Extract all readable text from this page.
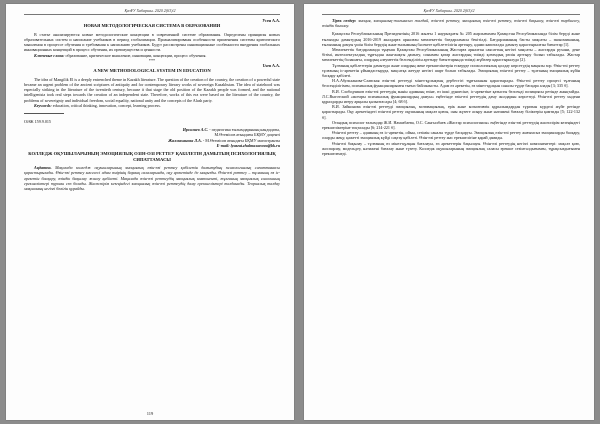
ҚазҰУ Хабаршы. 2020 2(63)/2

Усен А.А.

НОВАЯ МЕТОДОЛОГИЧЕСКАЯ СИСТЕМА В ОБРАЗОВАНИИ

В статье анализируются новые методологические концепции в современной системе образования. Определены принципы новых образовательных систем и написание учебников в период глобализации. Проанализированы особенности применения системы критического мышления в процессе обучения и требования к написанию учебников. Будут рассмотрены инновационные особенности внедрения глобальных инновационных концепций в процесс обучения, их преимущества и ценности.

Ключевые слова: образование, критическое мышление, инновации, концепции, процесс обучения.

***

Usen A.A.

A NEW METHODOLOGICAL SYSTEM IN EDUCATION

The idea of Mangilik El is a deeply entrenched theme in Kazakh literature. The question of the creation of the country, the creation of a powerful state became an urgent problem of the ancient scriptures of antiquity and for contemporary literary works of sovereign Kazakhstan. The idea of statehood was especially striking in the literature of the twentieth century, because it that stage the old position of the Kazakh people was formed, and the national intelligentsia took real steps towards the creation of an independent state. Therefore, works of this era were based on the literature of the country, the problems of sovereignty and individual freedom, social equality, national unity and the concepts of the Alash party.

Keywords: education, critical thinking, innovation, concept, learning process.

ОӘЖ 159.9.015

Ирсалиев А.С. - педагогика ғылымдарының кандидаты,

М.Өтемісов атындағы БҚМУ доценті

Жалмаханова Л.А. - М.Өтемісов атындағы БҚМУ магистранты

E-mail: lyazzat.zhalmaxanova@bk.ru

КОЛЛЕДЖ ОҚУШЫЛАРЫНЫҢ ЭМОЦИЯЛЫҚ ОЗІН-ОЗІ РЕТТЕУ ҚАБІЛЕТІН ДАМЫТЫҢ ПСИХОЛОГИЯЛЫҚ СИПАТТАМАСЫ

Аңдатпа. Мақалада колледж оқушыларының эмоциялық өзін-өзі реттеу қабілетін дамытудың психологиялық сипаттамасы қарастырылады. Өзін-өзі реттеу мәселесі адам өмірінің барлық салаларында, оқу әрекетінде де маңызды. Өзін-өзі реттеу – тұлғаның өз іс-әрекетін басқару, өзіндік бақылау жасау қабілеті. Мақалада өзін-өзі реттеудің эмоциялық компоненті, тұлғаның эмоциялық саласының ерекшеліктері туралы сөз болады. Жасөспірім кезеңіндегі эмоциялық өзін-өзі реттеудің даму ерекшеліктері талданады. Теориялық талдау мақаланың негізгі бөлігін құрайды.

119
ҚазҰУ Хабаршы. 2020 2(63)/2

Тірек сөздер: эмоция, эмоциялық-жағымсыз жағдай, өзін-өзі реттеу, эмоциялық өзін-өзі реттеу, өзін-өзі бақылау, өзін-өзі тәрбиелеу, өзіндік бағалау.

Қазақстан Республикасының Президентінің 2016 жылғы 1 наурыздағы № 205 жарлығымен Қазақстан Республикасында білім беруді және ғылымды дамытудың 2016-2019 жылдарға арналған мемлекеттік бағдарламасы бекітілді. Бағдарламаның басты мақсаты – экономиканың, ғылымның дамуы үшін білім берудің және ғылымның бәсекеге қабілеттілігін арттыру, адами капиталды дамыту қарастырылған бағыттар [1].

Мемлекеттік бағдарламада тұңғыш Қазақстан Республикасының Жастарға арналған саясаттың негізгі мақсаты – жастарды рухани, дене бітімі, интеллектуалдық тұрғыдан жан-жақты дамыту, сонымен қатар жастардың тиімді қоғамдық рөлін арттыру болып табылады. Жастар мемлекеттің болашағы, олардың әлеуметтік белсенділігін арттыру бағыттарында тиімді жүйелер қарастырылуда [2].

Тұлғаның қабілеттерін дамытуда және олардың жеке ерекшеліктерін ескеруде психологиялық қолдау көрсетудің маңызы зор. Өзін-өзі реттеу тұлғаның іс-әрекетін ұйымдастыруда, мақсатқа жетуде негізгі шарт болып табылады. Эмоциялық өзін-өзі реттеу – тұлғаның эмоциялық күйін басқару қабілеті.

Н.А.Абульханова-Славская өзін-өзі реттеуді мінез-құлықтың дербестігі тұрғысынан қарастырады. Өзін-өзі реттеу процесі тұлғаның белсенділігімен, психикалық функцияларымен тығыз байланысты. Адам өз әрекетін, өз мінез-құлқын саналы түрде басқара алады [3; 335 б].

В.И. Слободчиков өзін-өзі реттеудің мәнін адамның өзіне, өз ішкі дүниесіне, іс-әрекетіне қатысты белсенді позициясы ретінде анықтайды. Л.С.Выготский «жоғары психикалық функциялардың дамуы» еңбегінде өзін-өзі реттеудің даму жолдарын көрсетеді. Өзін-өзі реттеу мәдени құралдарды игеру арқылы қалыптасады [4; 68 б].

В.И. Зайкинова өзін-өзі реттеуді эмоциялық, мотивациялық, ерік және когнитивтік құрылымдардан тұратын күрделі жүйе ретінде қарастырады. Оқу әрекетіндегі өзін-өзі реттеу оқушының мақсат қоюы, оны жүзеге асыру және нәтижені бағалау біліктерін қамтиды [5; 122-132 б].

Отандық психолог ғалымдар Ж.И. Намазбаева, О.С. Сангылбаев «Жастар психологиясы» еңбегінде өзін-өзі реттеудің жасөспірім кезеңіндегі ерекшеліктеріне тоқталады [6; 214-221 б].

Өзін-өзі реттеу – адамның өз іс-әрекетін, ойын, сезімін саналы түрде басқаруы. Эмоциялық өзін-өзі реттеу жағымсыз эмоцияларды басқару, оларды жеңу, қажетті эмоциялық күйді сақтау қабілеті. Өзін-өзі реттеу жас ерекшелігіне қарай дамиды.

Өзін-өзі бақылау – тұлғаның өз мінез-құлқын бағалауы, өз әрекеттерін бақылауы. Өзін-өзі реттеудің негізгі компоненттері: мақсат қою, жоспарлау, модельдеу, нәтижені бағалау және түзету. Колледж оқушыларының эмоциялық саласы ерекше сезімталдығымен, тұрақсыздығымен ерекшеленеді.
